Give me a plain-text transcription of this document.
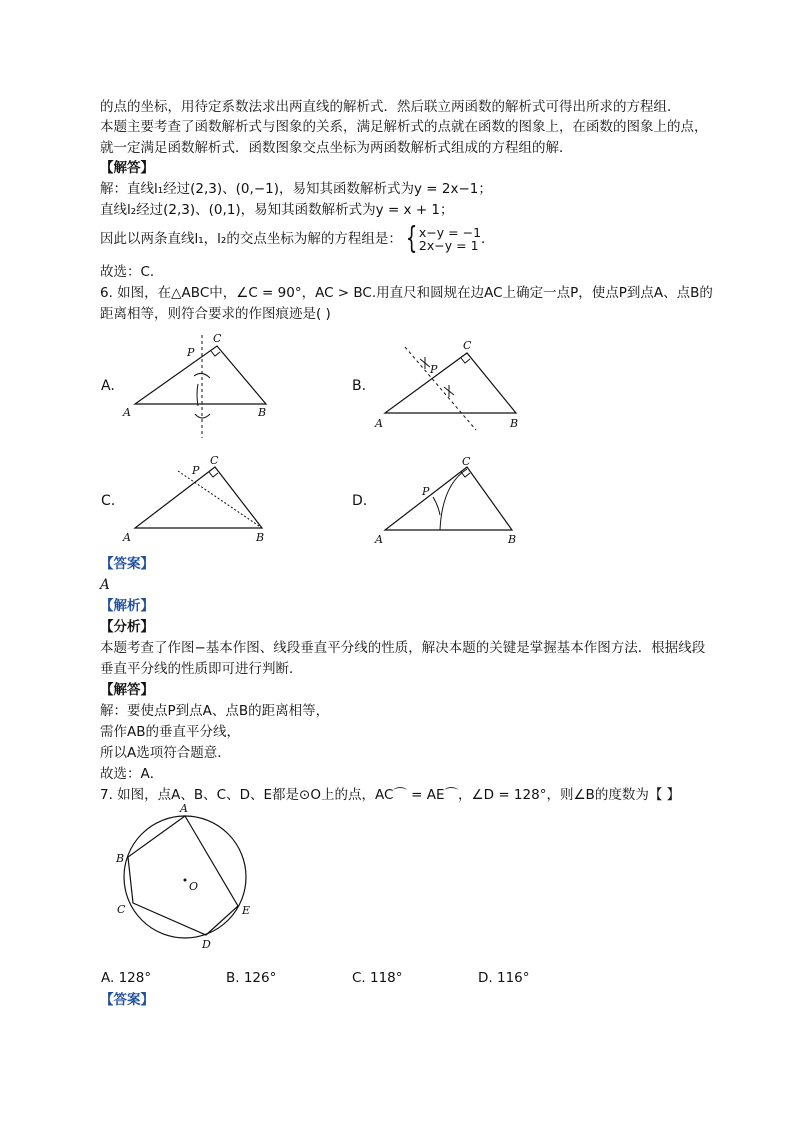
的点的坐标，用待定系数法求出两直线的解析式．然后联立两函数的解析式可得出所求的方程组．
本题主要考查了函数解析式与图象的关系，满足解析式的点就在函数的图象上，在函数的图象上的点，
就一定满足函数解析式．函数图象交点坐标为两函数解析式组成的方程组的解．
【解答】
解：直线l₁经过(2,3)、(0,−1)，易知其函数解析式为y = 2x−1；
直线l₂经过(2,3)、(0,1)，易知其函数解析式为y = x + 1；
因此以两条直线l₁，l₂的交点坐标为解的方程组是： { x−y = −1
2x−y = 1 ．
故选：C．
6. 如图，在△ABC中，∠C = 90°，AC > BC.用直尺和圆规在边AC上确定一点P，使点P到点A、点B的
距离相等，则符合要求的作图痕迹是( )
A.	B.
C.	D.
A	B
C
P
A	B
C
P
A	B
C
P
A	B
C
P
【答案】
A
【解析】
【分析】
本题考查了作图−基本作图、线段垂直平分线的性质，解决本题的关键是掌握基本作图方法．根据线段
垂直平分线的性质即可进行判断．
【解答】
解：要使点P到点A、点B的距离相等，
需作AB的垂直平分线，
所以A选项符合题意．
故选：A．
7. 如图，点A、B、C、D、E都是⊙O上的点，AC⌒ = AE⌒，∠D = 128°，则∠B的度数为【 】
A
B
C
D
E
O
A. 128°	B. 126°	C. 118°	D. 116°
【答案】
